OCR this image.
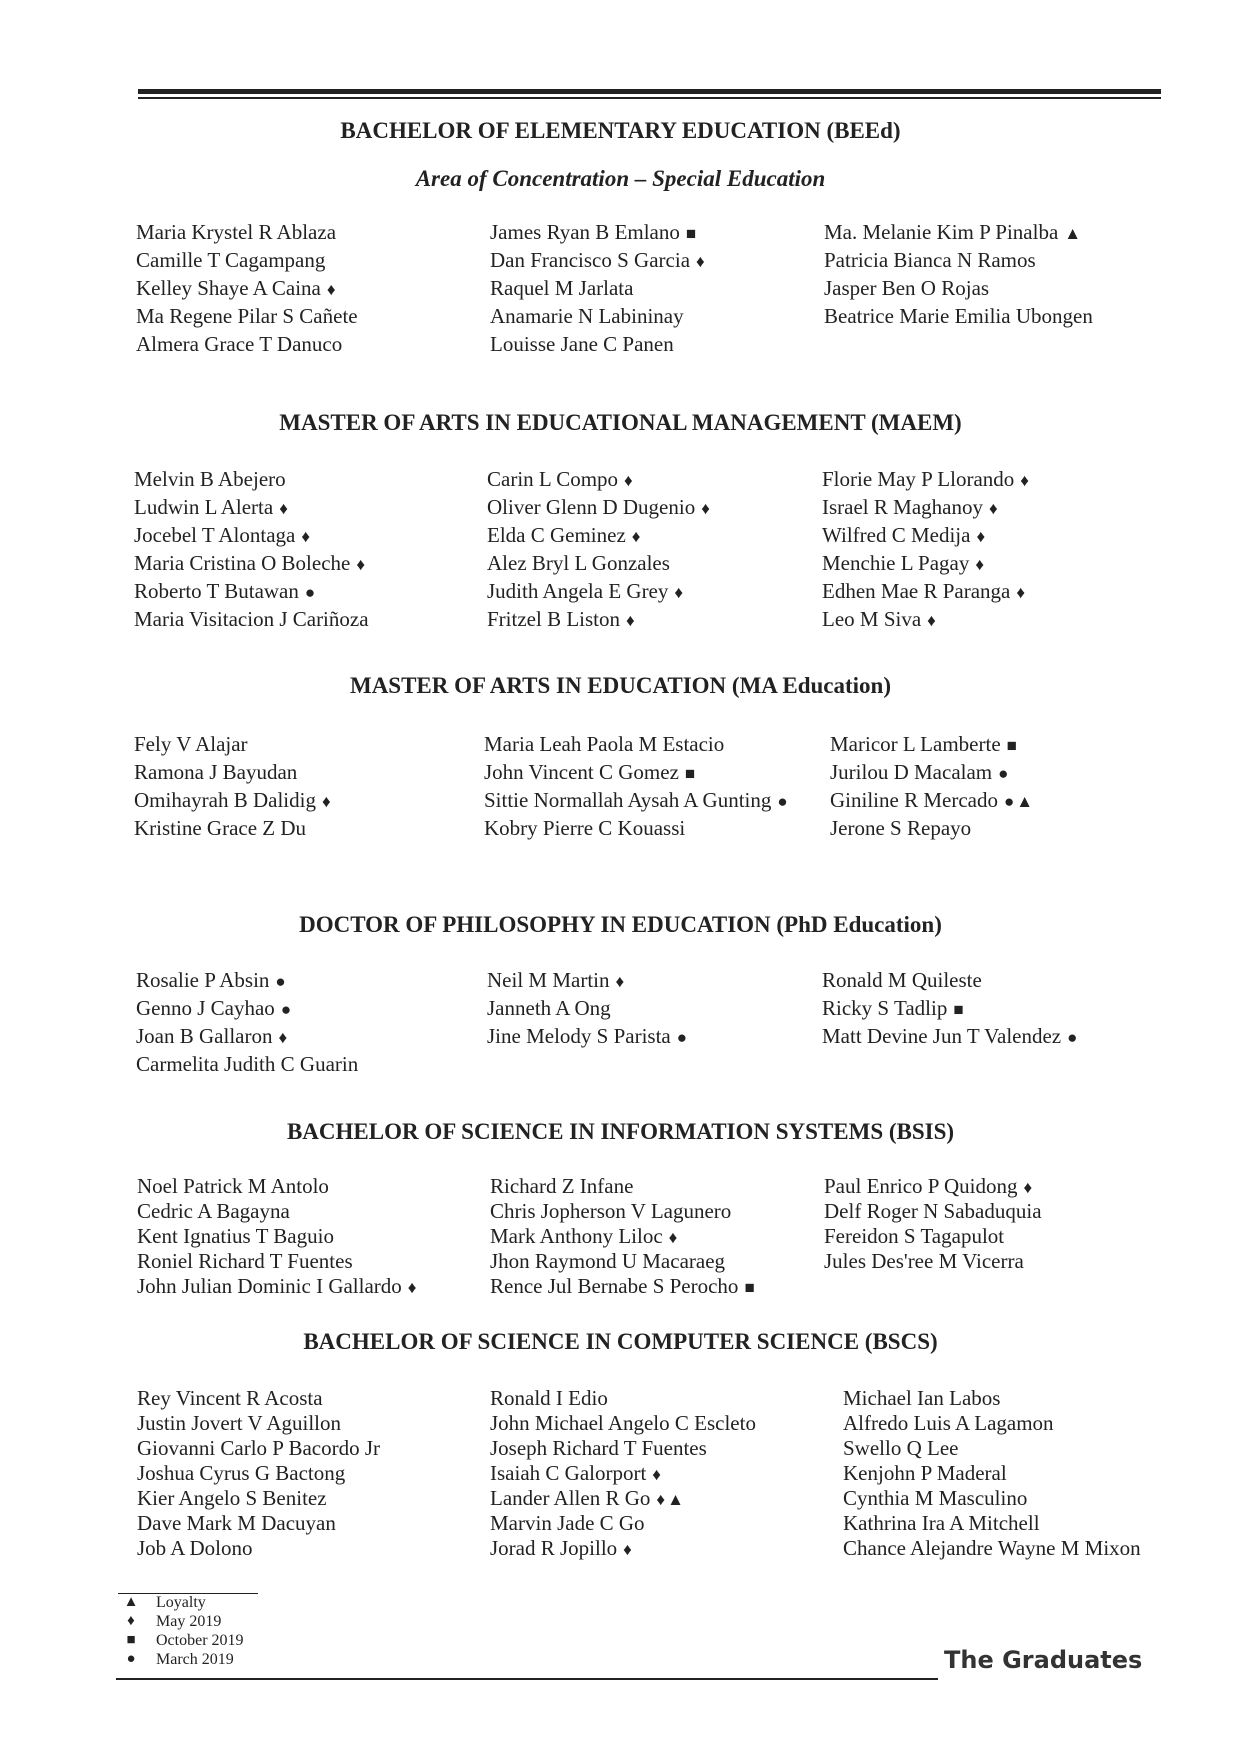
BACHELOR OF ELEMENTARY EDUCATION (BEEd)
Area of Concentration – Special Education
Maria Krystel R Ablaza
Camille T Cagampang
Kelley Shaye A Caina ♦
Ma Regene Pilar S Cañete
Almera Grace T Danuco
James Ryan B Emlano ■
Dan Francisco S Garcia ♦
Raquel M Jarlata
Anamarie N Labininay
Louisse Jane C Panen
Ma. Melanie Kim P Pinalba ▲
Patricia Bianca N Ramos
Jasper Ben O Rojas
Beatrice Marie Emilia Ubongen
MASTER OF ARTS IN EDUCATIONAL MANAGEMENT (MAEM)
Melvin B Abejero
Ludwin L Alerta ♦
Jocebel T Alontaga ♦
Maria Cristina O Boleche ♦
Roberto T Butawan ●
Maria Visitacion J Cariñoza
Carin L Compo ♦
Oliver Glenn D Dugenio ♦
Elda C Geminez ♦
Alez Bryl L Gonzales
Judith Angela E Grey ♦
Fritzel B Liston ♦
Florie May P Llorando ♦
Israel R Maghanoy ♦
Wilfred C Medija ♦
Menchie L Pagay ♦
Edhen Mae R Paranga ♦
Leo M Siva ♦
MASTER OF ARTS IN EDUCATION (MA Education)
Fely V Alajar
Ramona J Bayudan
Omihayrah B Dalidig ♦
Kristine Grace Z Du
Maria Leah Paola M Estacio
John Vincent C Gomez ■
Sittie Normallah Aysah A Gunting ●
Kobry Pierre C Kouassi
Maricor L Lamberte ■
Jurilou D Macalam ●
Giniline R Mercado ● ▲
Jerone S Repayo
DOCTOR OF PHILOSOPHY IN EDUCATION (PhD Education)
Rosalie P Absin ●
Genno J Cayhao ●
Joan B Gallaron ♦
Carmelita Judith C Guarin
Neil M Martin ♦
Janneth A Ong
Jine Melody S Parista ●
Ronald M Quileste
Ricky S Tadlip ■
Matt Devine Jun T Valendez ●
BACHELOR OF SCIENCE IN INFORMATION SYSTEMS (BSIS)
Noel Patrick M Antolo
Cedric A Bagayna
Kent Ignatius T Baguio
Roniel Richard T Fuentes
John Julian Dominic I Gallardo ♦
Richard Z Infane
Chris Jopherson V Lagunero
Mark Anthony Liloc ♦
Jhon Raymond U Macaraeg
Rence Jul Bernabe S Perocho ■
Paul Enrico P Quidong ♦
Delf Roger N Sabaduquia
Fereidon S Tagapulot
Jules Des'ree M Vicerra
BACHELOR OF SCIENCE IN COMPUTER SCIENCE (BSCS)
Rey Vincent R Acosta
Justin Jovert V Aguillon
Giovanni Carlo P Bacordo Jr
Joshua Cyrus G Bactong
Kier Angelo S Benitez
Dave Mark M Dacuyan
Job A Dolono
Ronald I Edio
John Michael Angelo C Escleto
Joseph Richard T Fuentes
Isaiah C Galorport ♦
Lander Allen R Go ♦ ▲
Marvin Jade C Go
Jorad R Jopillo ♦
Michael Ian Labos
Alfredo Luis A Lagamon
Swello Q Lee
Kenjohn P Maderal
Cynthia M Masculino
Kathrina Ira A Mitchell
Chance Alejandre Wayne M Mixon
▲ Loyalty
♦	May 2019
■	October 2019
●	March 2019	The Graduates
